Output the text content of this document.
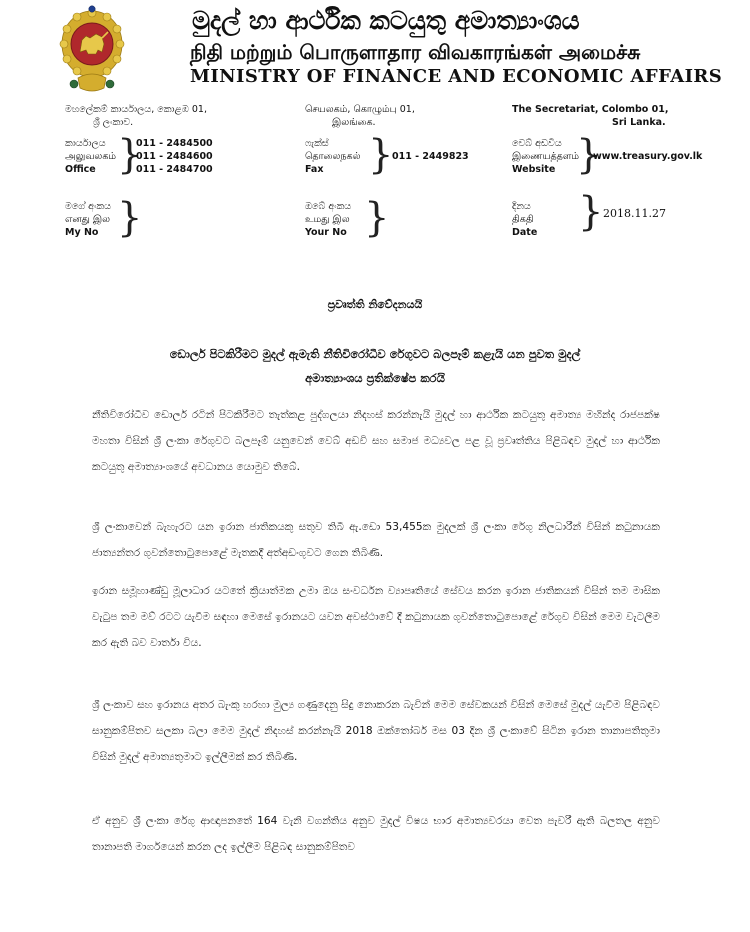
මුදල් හා ආර්ථික කටයුතු අමාත්‍යාංශය
நிதி மற்றும் பொருளாதார விவகாரங்கள் அமைச்சு
MINISTRY OF FINANCE AND ECONOMIC AFFAIRS
මහලේකම් කාර්යාලය, කොළඹ 01,
ශ්‍රී ලංකාව.
செயலகம், கொழும்பு 01,
இலங்கை.
The Secretariat, Colombo 01,
Sri Lanka.
කාර්යාලය
அலுவலகம்
Office }
011 - 2484500
011 - 2484600
011 - 2484700
ෆැක්ස්
தொலைநகல்
Fax }
011 - 2449823
වෙබ් අඩවිය
இணையத்தளம்
Website }
www.treasury.gov.lk
මගේ අංකය
எனது இல
My No }	ඔබේ අංකය
உமது இல
Your No }	දිනය
திகதி
Date } 2018.11.27
ප්‍රවෘත්ති නිවේදනයයි
ඩොලර් පිටකිරීමට මුදල් ඇමැති නීතිවිරෝධීව රේගුවට බලපෑම් කළැයි යන පුවත මුදල්
අමාත්‍යාංශය ප්‍රතික්ෂේප කරයි
නීතිවිරෝධීව ඩොලර් රටින් පිටකිරීමට තැත්කළ පුද්ගලයා නිදහස් කරන්නැයි මුදල් හා ආර්ථික කටයුතු අමාත්‍ය මහින්ද රාජපක්ෂ මහතා විසින් ශ්‍රී ලංකා රේගුවට බලපෑම් යනුවෙන් වෙබ් අඩවි සහ සමාජ මධ්‍යවල පළ වූ ප්‍රවෘත්තිය පිළිබඳව මුදල් හා ආර්ථික කටයුතු අමාත්‍යාංශයේ අවධානය යොමුව තිබේ.
ශ්‍රී ලංකාවෙන් බැහැරට යන ඉරාන ජාතිකයකු සතුව තිබී ඇ.ඩො 53,455ක මුදලක් ශ්‍රී ලංකා රේගු නිලධාරීන් විසින් කටුනායක ජාත්‍යන්තර ගුවන්තොටුපොළේ මැතකදී අත්අඩංගුවට ගෙන තිබිණි.
ඉරාන සමූහාණ්ඩු මූලාධාර යටතේ ක්‍රියාත්මක උමා ඔය සංවර්ධන ව්‍යාපෘතියේ සේවය කරන ඉරාන ජාතිකයන් විසින් තම මාසික වැටුප තම මව් රටට යැවීම සඳහා මෙසේ ඉරානයට යවන අවස්ථාවේ දී කටුනායක ගුවන්තොටුපොළේ රේගුව විසින් මෙම වැටලීම කර ඇති බව වාර්තා විය.
ශ්‍රී ලංකාව සහ ඉරානය අතර බැංකු හරහා මුල්‍ය ගණුදෙනු සිදු නොකරන බැවින් මෙම සේවකයන් විසින් මෙසේ මුදල් යැවීම පිළිබඳව සානුකම්පිතව සලකා බලා මෙම මුදල් නිදහස් කරන්නැයි 2018 ඔක්තෝබර් මස 03 දින ශ්‍රී ලංකාවේ සිටින ඉරාන තානාපතිතුමා විසින් මුදල් අමාත්‍යතුමාට ඉල්ලීමක් කර තිබිණි.
ඒ අනුව ශ්‍රී ලංකා රේගු ආඥාපනතේ 164 වැනි වගන්තිය අනුව මුදල් විෂය භාර අමාත්‍යවරයා වෙත පැවරී ඇති බලතල අනුව තානාපති මාර්ගයෙන් කරන ලද ඉල්ලීම පිළිබඳ සානුකම්පිතව
